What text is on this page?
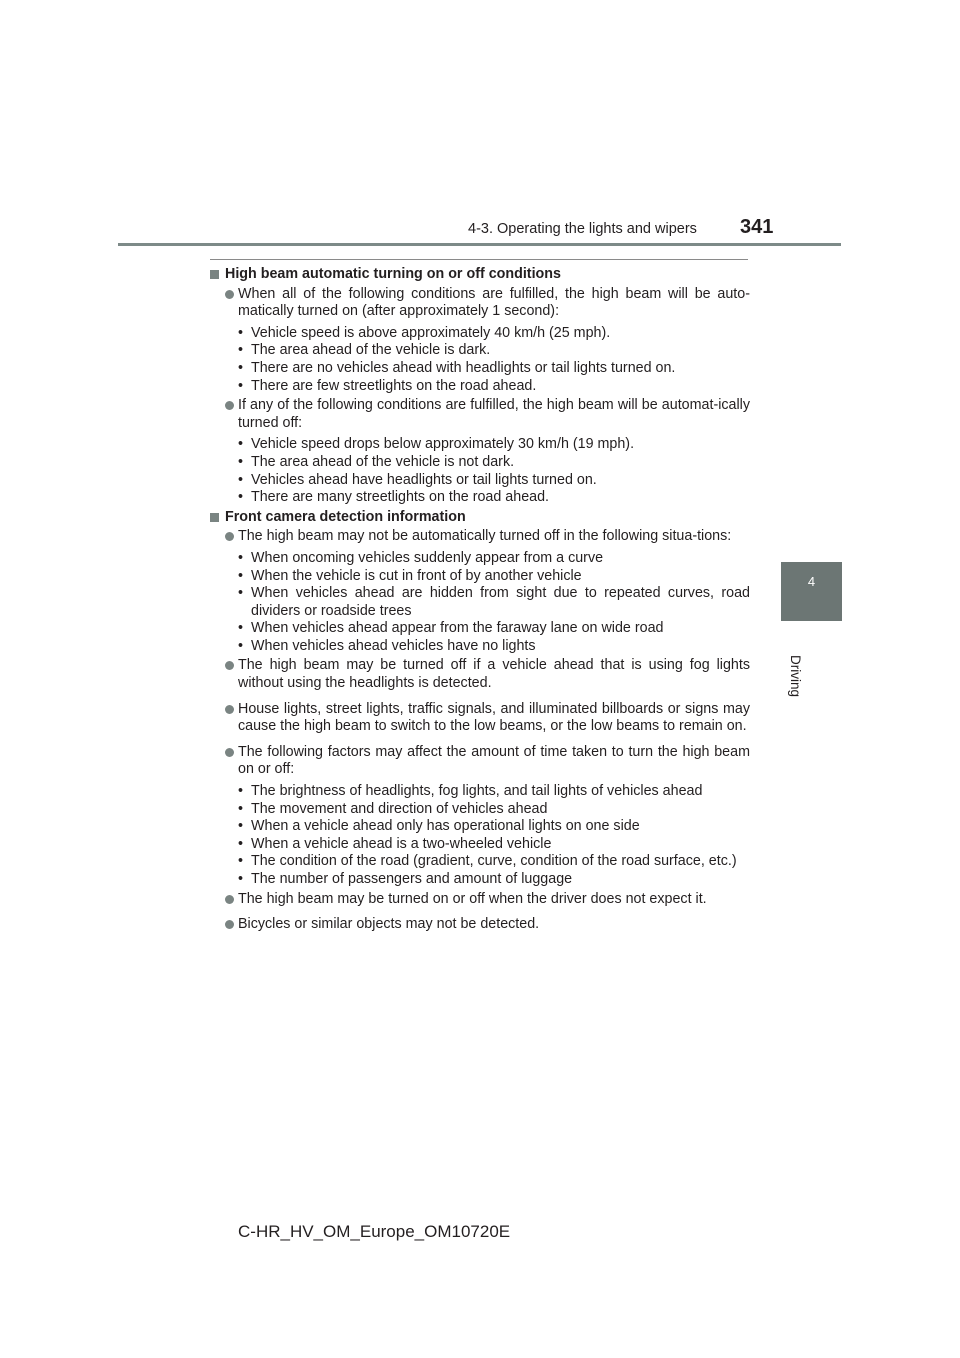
4-3. Operating the lights and wipers 341
4
Driving
High beam automatic turning on or off conditions
When all of the following conditions are fulfilled, the high beam will be auto-matically turned on (after approximately 1 second):
• Vehicle speed is above approximately 40 km/h (25 mph).
• The area ahead of the vehicle is dark.
• There are no vehicles ahead with headlights or tail lights turned on.
• There are few streetlights on the road ahead.
If any of the following conditions are fulfilled, the high beam will be automat-ically turned off:
• Vehicle speed drops below approximately 30 km/h (19 mph).
• The area ahead of the vehicle is not dark.
• Vehicles ahead have headlights or tail lights turned on.
• There are many streetlights on the road ahead.
Front camera detection information
The high beam may not be automatically turned off in the following situa-tions:
• When oncoming vehicles suddenly appear from a curve
• When the vehicle is cut in front of by another vehicle
• When vehicles ahead are hidden from sight due to repeated curves, road dividers or roadside trees
• When vehicles ahead appear from the faraway lane on wide road
• When vehicles ahead vehicles have no lights
The high beam may be turned off if a vehicle ahead that is using fog lights without using the headlights is detected.
House lights, street lights, traffic signals, and illuminated billboards or signs may cause the high beam to switch to the low beams, or the low beams to remain on.
The following factors may affect the amount of time taken to turn the high beam on or off:
• The brightness of headlights, fog lights, and tail lights of vehicles ahead
• The movement and direction of vehicles ahead
• When a vehicle ahead only has operational lights on one side
• When a vehicle ahead is a two-wheeled vehicle
• The condition of the road (gradient, curve, condition of the road surface, etc.)
• The number of passengers and amount of luggage
The high beam may be turned on or off when the driver does not expect it.
Bicycles or similar objects may not be detected.
C-HR_HV_OM_Europe_OM10720E
